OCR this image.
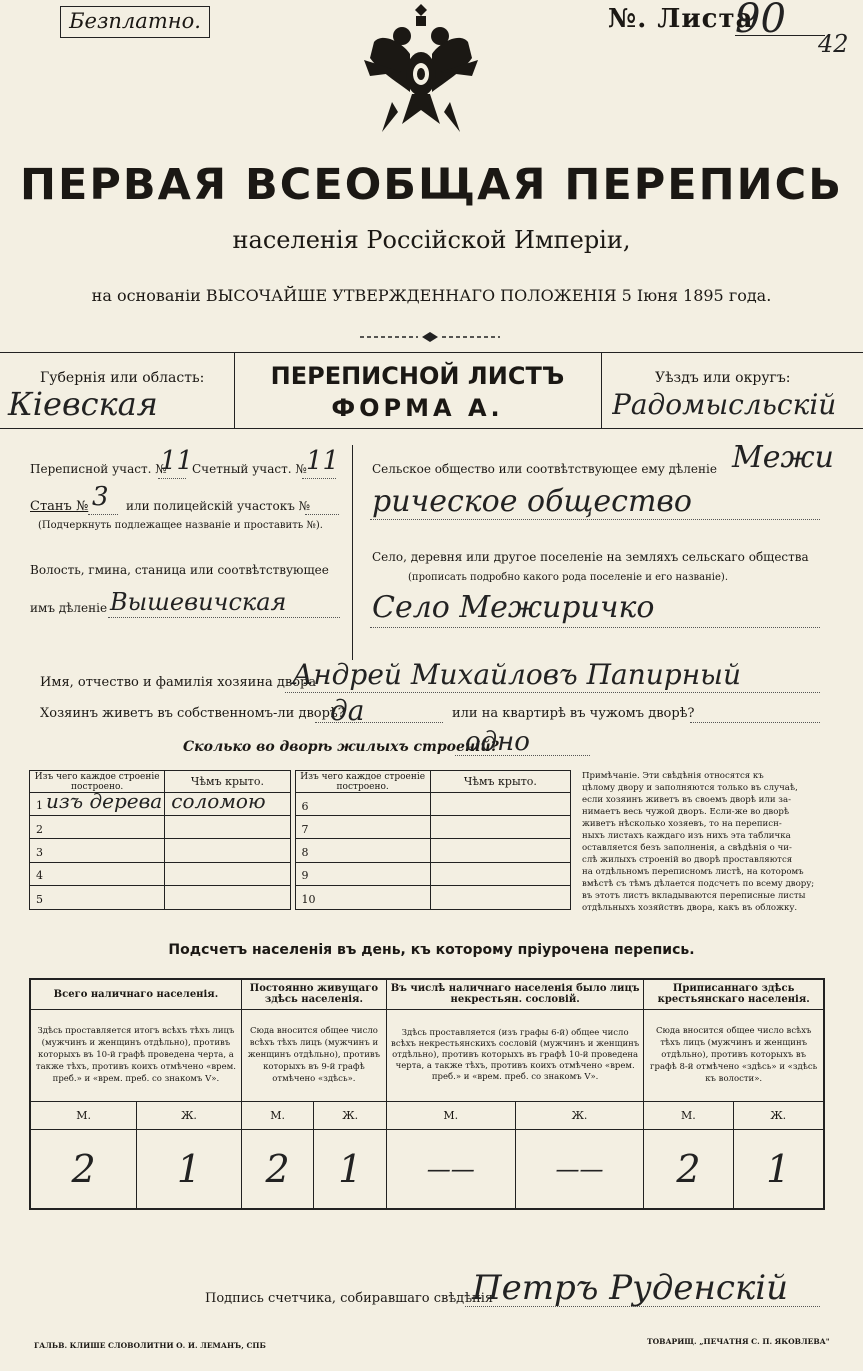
Безплатно.	№. Листа
90
42
ПЕРВАЯ ВСЕОБЩАЯ ПЕРЕПИСЬ
населенія Россійской Имперіи,
на основаніи ВЫСОЧАЙШЕ УТВЕРЖДЕННАГО ПОЛОЖЕНІЯ 5 Іюня 1895 года.
Губернія или область:
Кіевская
ПЕРЕПИСНОЙ ЛИСТЪ
ФОРМА А.
Уѣздъ или округъ:
Радомысльскій
Переписной участ. №
11
Счетный участ. № 11
Станъ № 3 или полицейскій участокъ №
(Подчеркнуть подлежащее названіе и проставить №).
Волость, гмина, станица или соотвѣтствующее
имъ дѣленіе Вышевичская
Сельское общество или соотвѣтствующее ему дѣленіе Межи
рическое общество
Село, деревня или другое поселеніе на земляхъ сельскаго общества
(прописать подробно какого рода поселеніе и его названіе).
Село Межиричко
Имя, отчество и фамилія хозяина двора
Андрей Михайловъ Папирный
Хозяинъ живетъ въ собственномъ-ли дворѣ?
да	или на квартирѣ въ чужомъ дворѣ?
Сколько во дворѣ жилыхъ строеній?
одно
Изъ чего каждое строеніе построено.	Чѣмъ крыто.		Изъ чего каждое строеніе построено.	Чѣмъ крыто.

1 изъ дерева	соломою		6	
2			7	
3			8	
4			9	
5			10	
Примѣчаніе. Эти свѣдѣнія относятся къ
цѣлому двору и заполняются только въ случаѣ,
если хозяинъ живетъ въ своемъ дворѣ или за-
нимаетъ весь чужой дворъ. Если-же во дворѣ
живетъ нѣсколько хозяевъ, то на переписн-
ныхъ листахъ каждаго изъ нихъ эта табличка
оставляется безъ заполненія, а свѣдѣнія о чи-
слѣ жилыхъ строеній во дворѣ проставляются
на отдѣльномъ переписномъ листѣ, на которомъ
вмѣстѣ съ тѣмъ дѣлается подсчетъ по всему двору;
въ этотъ листъ вкладываются переписные листы
отдѣльныхъ хозяйствъ двора, какъ въ обложку.
Подсчетъ населенія въ день, къ которому пріурочена перепись.
Всего наличнаго населенія.		Постоянно живущаго здѣсь населенія.		Въ числѣ наличнаго населенія было лицъ некрестьян. сословій.		Приписаннаго здѣсь крестьянскаго населенія.	
Здѣсь проставляется итогъ всѣхъ тѣхъ лицъ (мужчинъ и женщинъ отдѣльно), противъ которыхъ въ 10-й графѣ проведена черта, а также тѣхъ, противъ коихъ отмѣчено «врем. преб.» и «врем. преб. со знакомъ V».		Сюда вносится общее число всѣхъ тѣхъ лицъ (мужчинъ и женщинъ отдѣльно), противъ которыхъ въ 9-й графѣ отмѣчено «здѣсь».		Здѣсь проставляется (изъ графы 6-й) общее число всѣхъ некрестьянскихъ сословій (мужчинъ и женщинъ отдѣльно), противъ которыхъ въ графѣ 10-й проведена черта, а также тѣхъ, противъ коихъ отмѣчено «врем. преб.» и «врем. преб. со знакомъ V».		Сюда вносится общее число всѣхъ тѣхъ лицъ (мужчинъ и женщинъ отдѣльно), противъ которыхъ въ графѣ 8-й отмѣчено «здѣсь» и «здѣсь къ волости».	
М.	Ж.	М.	Ж.	М.	Ж.	М.	Ж.
2	1	2	1	——	——	2	1
Подпись счетчика, собиравшаго свѣдѣнія
Петръ Руденскій
ГАЛЬВ. КЛИШЕ СЛОВОЛИТНИ О. И. ЛЕМАНЪ, СПБ	ТОВАРИЩ. „ПЕЧАТНЯ С. П. ЯКОВЛЕВА"
